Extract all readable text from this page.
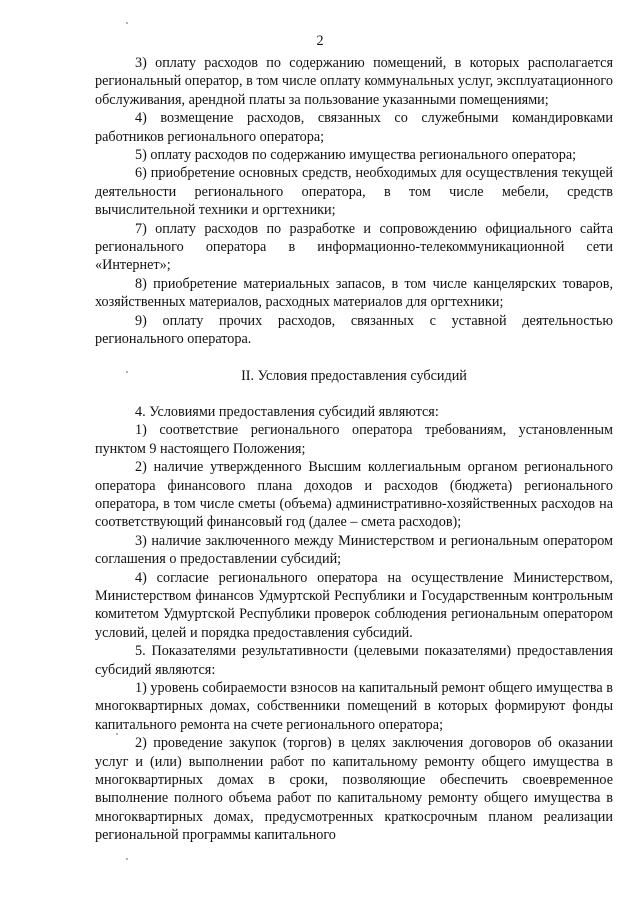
2

3) оплату расходов по содержанию помещений, в которых располагается региональный оператор, в том числе оплату коммунальных услуг, эксплуатационного обслуживания, арендной платы за пользование указанными помещениями;

4) возмещение расходов, связанных со служебными командировками работников регионального оператора;

5) оплату расходов по содержанию имущества регионального оператора;

6) приобретение основных средств, необходимых для осуществления текущей деятельности регионального оператора, в том числе мебели, средств вычислительной техники и оргтехники;

7) оплату расходов по разработке и сопровождению официального сайта регионального оператора в информационно-телекоммуникационной сети «Интернет»;

8) приобретение материальных запасов, в том числе канцелярских товаров, хозяйственных материалов, расходных материалов для оргтехники;

9) оплату прочих расходов, связанных с уставной деятельностью регионального оператора.

II. Условия предоставления субсидий

4. Условиями предоставления субсидий являются:

1) соответствие регионального оператора требованиям, установленным пунктом 9 настоящего Положения;

2) наличие утвержденного Высшим коллегиальным органом регионального оператора финансового плана доходов и расходов (бюджета) регионального оператора, в том числе сметы (объема) административно-хозяйственных расходов на соответствующий финансовый год (далее – смета расходов);

3) наличие заключенного между Министерством и региональным оператором соглашения о предоставлении субсидий;

4) согласие регионального оператора на осуществление Министерством, Министерством финансов Удмуртской Республики и Государственным контрольным комитетом Удмуртской Республики проверок соблюдения региональным оператором условий, целей и порядка предоставления субсидий.

5. Показателями результативности (целевыми показателями) предоставления субсидий являются:

1) уровень собираемости взносов на капитальный ремонт общего имущества в многоквартирных домах, собственники помещений в которых формируют фонды капитального ремонта на счете регионального оператора;

2) проведение закупок (торгов) в целях заключения договоров об оказании услуг и (или) выполнении работ по капитальному ремонту общего имущества в многоквартирных домах в сроки, позволяющие обеспечить своевременное выполнение полного объема работ по капитальному ремонту общего имущества в многоквартирных домах, предусмотренных краткосрочным планом реализации региональной программы капитального
